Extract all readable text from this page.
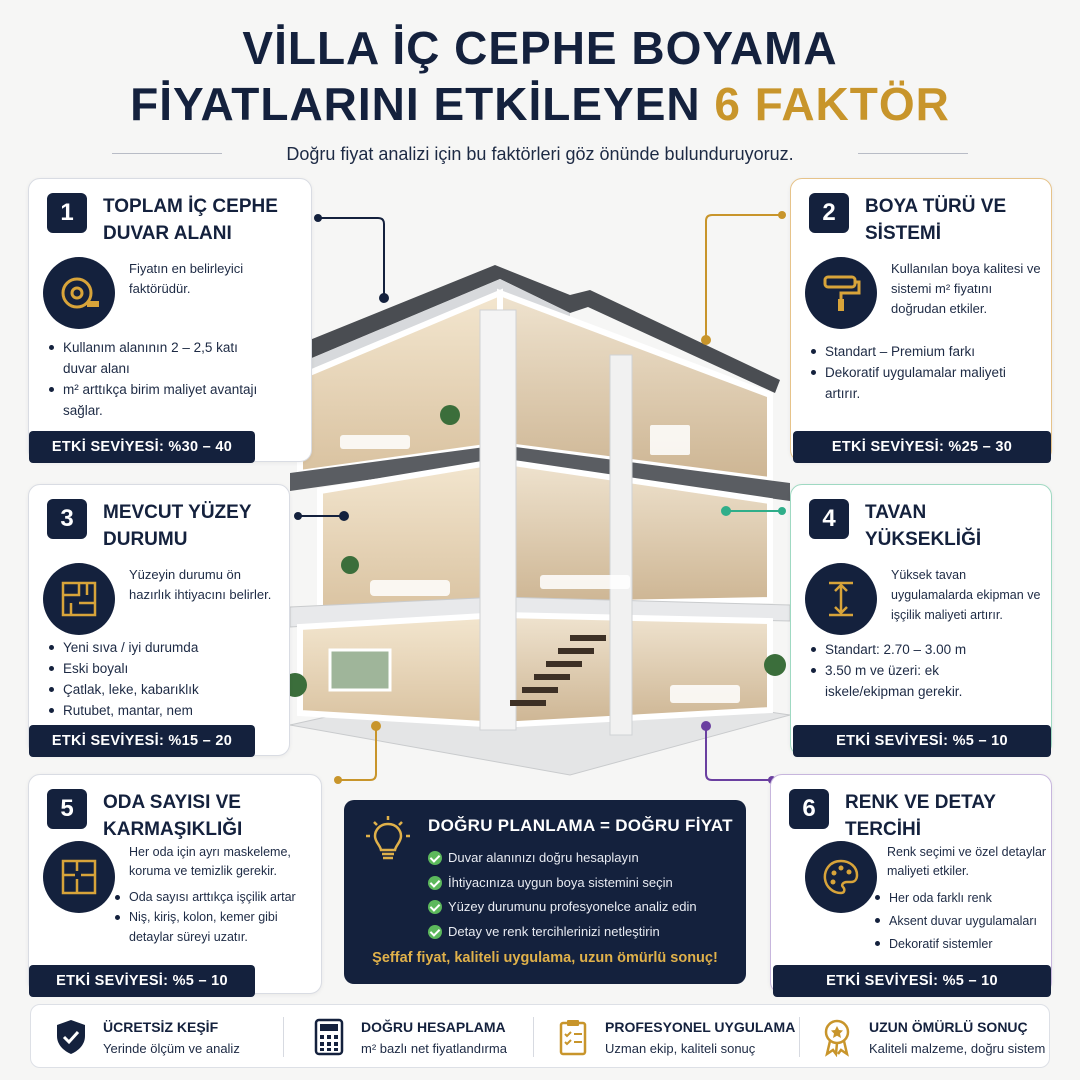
VİLLA İÇ CEPHE BOYAMA
FİYATLARINI ETKİLEYEN 6 FAKTÖR
Doğru fiyat analizi için bu faktörleri göz önünde bulunduruyoruz.
1	TOPLAM İÇ CEPHE DUVAR ALANI
Fiyatın en belirleyici faktörüdür.
Kullanım alanının 2 – 2,5 katı duvar alanı
m² arttıkça birim maliyet avantajı sağlar.
ETKİ SEVİYESİ: %30 – 40
2	BOYA TÜRÜ VE SİSTEMİ
Kullanılan boya kalitesi ve sistemi m² fiyatını doğrudan etkiler.
Standart – Premium farkı
Dekoratif uygulamalar maliyeti artırır.
ETKİ SEVİYESİ: %25 – 30
3	MEVCUT YÜZEY DURUMU
Yüzeyin durumu ön hazırlık ihtiyacını belirler.
Yeni sıva / iyi durumda
Eski boyalı
Çatlak, leke, kabarıklık
Rutubet, mantar, nem
ETKİ SEVİYESİ: %15 – 20
4	TAVAN YÜKSEKLİĞİ
Yüksek tavan uygulamalarda ekipman ve işçilik maliyeti artırır.
Standart: 2.70 – 3.00 m
3.50 m ve üzeri: ek iskele/ekipman gerekir.
ETKİ SEVİYESİ: %5 – 10
5	ODA SAYISI VE KARMAŞIKLIĞI
Her oda için ayrı maskeleme, koruma ve temizlik gerekir.
Oda sayısı arttıkça işçilik artar
Niş, kiriş, kolon, kemer gibi detaylar süreyi uzatır.
ETKİ SEVİYESİ: %5 – 10
6	RENK VE DETAY TERCİHİ
Renk seçimi ve özel detaylar maliyeti etkiler.
Her oda farklı renk
Aksent duvar uygulamaları
Dekoratif sistemler
ETKİ SEVİYESİ: %5 – 10
DOĞRU PLANLAMA = DOĞRU FİYAT
Duvar alanınızı doğru hesaplayın
İhtiyacınıza uygun boya sistemini seçin
Yüzey durumunu profesyonelce analiz edin
Detay ve renk tercihlerinizi netleştirin
Şeffaf fiyat, kaliteli uygulama, uzun ömürlü sonuç!
ÜCRETSİZ KEŞİF
Yerinde ölçüm ve analiz
DOĞRU HESAPLAMA
m² bazlı net fiyatlandırma
PROFESYONEL UYGULAMA
Uzman ekip, kaliteli sonuç
UZUN ÖMÜRLÜ SONUÇ
Kaliteli malzeme, doğru sistem
